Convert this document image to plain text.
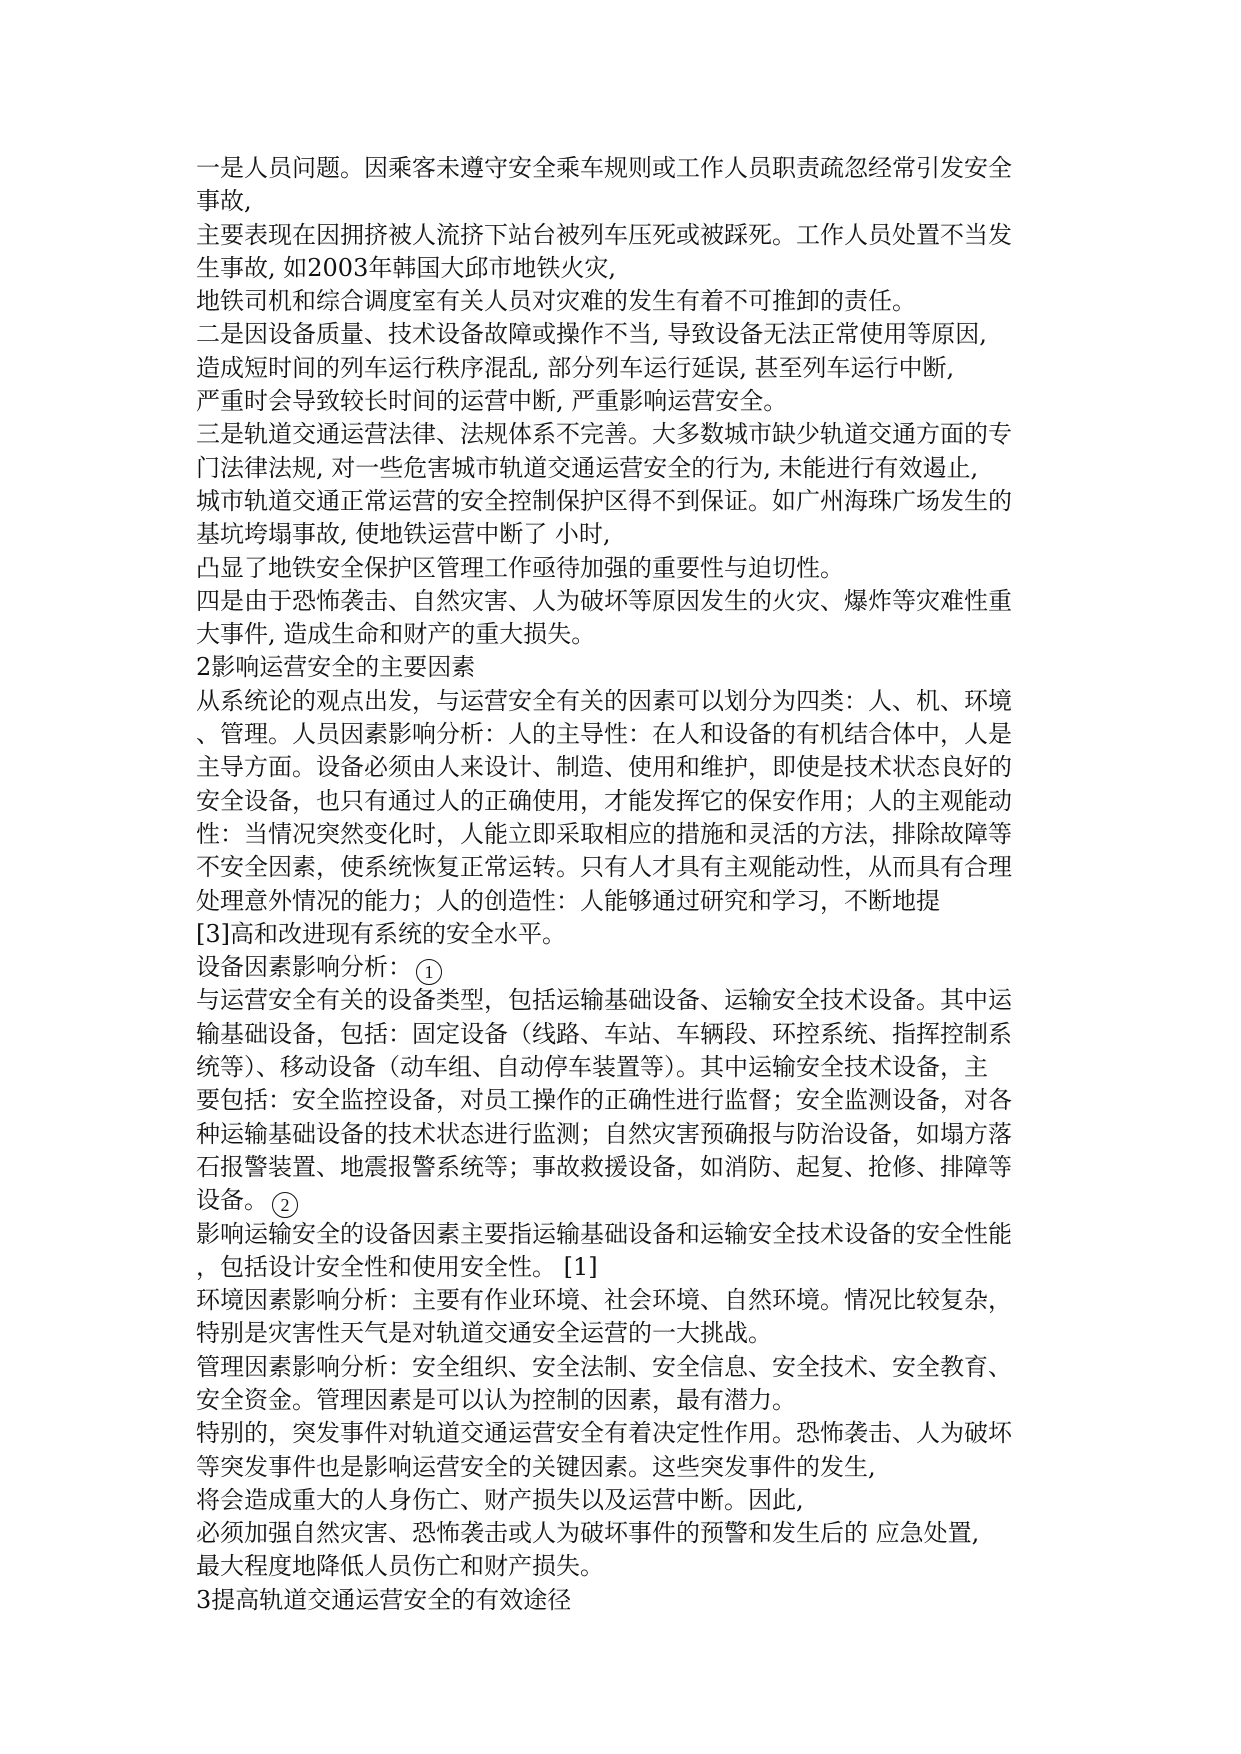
一是人员问题。因乘客未遵守安全乘车规则或工作人员职责疏忽经常引发安全
事故,
主要表现在因拥挤被人流挤下站台被列车压死或被踩死。工作人员处置不当发
生事故, 如2003年韩国大邱市地铁火灾,
地铁司机和综合调度室有关人员对灾难的发生有着不可推卸的责任。
二是因设备质量、技术设备故障或操作不当, 导致设备无法正常使用等原因,
造成短时间的列车运行秩序混乱, 部分列车运行延误, 甚至列车运行中断,
严重时会导致较长时间的运营中断, 严重影响运营安全。
三是轨道交通运营法律、法规体系不完善。大多数城市缺少轨道交通方面的专
门法律法规, 对一些危害城市轨道交通运营安全的行为, 未能进行有效遏止,
城市轨道交通正常运营的安全控制保护区得不到保证。如广州海珠广场发生的
基坑垮塌事故, 使地铁运营中断了 小时,
凸显了地铁安全保护区管理工作亟待加强的重要性与迫切性。
四是由于恐怖袭击、自然灾害、人为破坏等原因发生的火灾、爆炸等灾难性重
大事件, 造成生命和财产的重大损失。
2影响运营安全的主要因素
从系统论的观点出发，与运营安全有关的因素可以划分为四类：人、机、环境
、管理。人员因素影响分析：人的主导性：在人和设备的有机结合体中，人是
主导方面。设备必须由人来设计、制造、使用和维护，即使是技术状态良好的
安全设备，也只有通过人的正确使用，才能发挥它的保安作用；人的主观能动
性：当情况突然变化时，人能立即采取相应的措施和灵活的方法，排除故障等
不安全因素，使系统恢复正常运转。只有人才具有主观能动性，从而具有合理
处理意外情况的能力；人的创造性：人能够通过研究和学习，不断地提
[3]高和改进现有系统的安全水平。
设备因素影响分析： 1
与运营安全有关的设备类型，包括运输基础设备、运输安全技术设备。其中运
输基础设备，包括：固定设备（线路、车站、车辆段、环控系统、指挥控制系
统等）、移动设备（动车组、自动停车装置等）。其中运输安全技术设备，主
要包括：安全监控设备，对员工操作的正确性进行监督；安全监测设备，对各
种运输基础设备的技术状态进行监测；自然灾害预确报与防治设备，如塌方落
石报警装置、地震报警系统等；事故救援设备，如消防、起复、抢修、排障等
设备。 2
影响运输安全的设备因素主要指运输基础设备和运输安全技术设备的安全性能
，包括设计安全性和使用安全性。 [1]
环境因素影响分析：主要有作业环境、社会环境、自然环境。情况比较复杂，
特别是灾害性天气是对轨道交通安全运营的一大挑战。
管理因素影响分析：安全组织、安全法制、安全信息、安全技术、安全教育、
安全资金。管理因素是可以认为控制的因素，最有潜力。
特别的，突发事件对轨道交通运营安全有着决定性作用。恐怖袭击、人为破坏
等突发事件也是影响运营安全的关键因素。这些突发事件的发生,
将会造成重大的人身伤亡、财产损失以及运营中断。因此,
必须加强自然灾害、恐怖袭击或人为破坏事件的预警和发生后的 应急处置,
最大程度地降低人员伤亡和财产损失。
3提高轨道交通运营安全的有效途径
